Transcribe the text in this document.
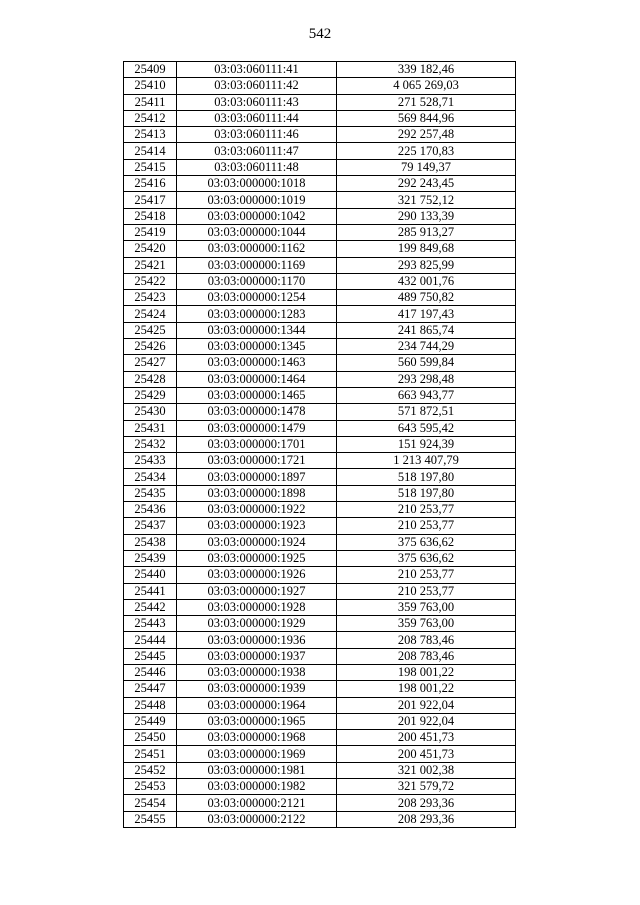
542
25409	03:03:060111:41	339 182,46
25410	03:03:060111:42	4 065 269,03
25411	03:03:060111:43	271 528,71
25412	03:03:060111:44	569 844,96
25413	03:03:060111:46	292 257,48
25414	03:03:060111:47	225 170,83
25415	03:03:060111:48	79 149,37
25416	03:03:000000:1018	292 243,45
25417	03:03:000000:1019	321 752,12
25418	03:03:000000:1042	290 133,39
25419	03:03:000000:1044	285 913,27
25420	03:03:000000:1162	199 849,68
25421	03:03:000000:1169	293 825,99
25422	03:03:000000:1170	432 001,76
25423	03:03:000000:1254	489 750,82
25424	03:03:000000:1283	417 197,43
25425	03:03:000000:1344	241 865,74
25426	03:03:000000:1345	234 744,29
25427	03:03:000000:1463	560 599,84
25428	03:03:000000:1464	293 298,48
25429	03:03:000000:1465	663 943,77
25430	03:03:000000:1478	571 872,51
25431	03:03:000000:1479	643 595,42
25432	03:03:000000:1701	151 924,39
25433	03:03:000000:1721	1 213 407,79
25434	03:03:000000:1897	518 197,80
25435	03:03:000000:1898	518 197,80
25436	03:03:000000:1922	210 253,77
25437	03:03:000000:1923	210 253,77
25438	03:03:000000:1924	375 636,62
25439	03:03:000000:1925	375 636,62
25440	03:03:000000:1926	210 253,77
25441	03:03:000000:1927	210 253,77
25442	03:03:000000:1928	359 763,00
25443	03:03:000000:1929	359 763,00
25444	03:03:000000:1936	208 783,46
25445	03:03:000000:1937	208 783,46
25446	03:03:000000:1938	198 001,22
25447	03:03:000000:1939	198 001,22
25448	03:03:000000:1964	201 922,04
25449	03:03:000000:1965	201 922,04
25450	03:03:000000:1968	200 451,73
25451	03:03:000000:1969	200 451,73
25452	03:03:000000:1981	321 002,38
25453	03:03:000000:1982	321 579,72
25454	03:03:000000:2121	208 293,36
25455	03:03:000000:2122	208 293,36
